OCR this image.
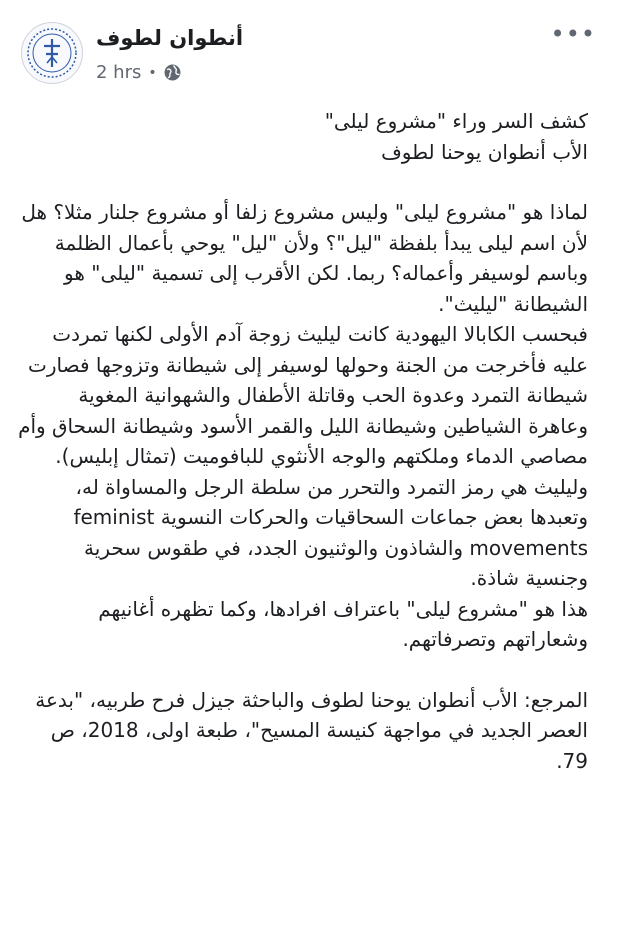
أنطوان لطوف
2 hrs •
•••

كشف السر وراء "مشروع ليلى"

الأب أنطوان يوحنا لطوف

لماذا هو "مشروع ليلى" وليس مشروع زلفا أو مشروع جلنار مثلا؟ هل لأن اسم ليلى يبدأ بلفظة "ليل"؟ ولأن "ليل" يوحي بأعمال الظلمة وباسم لوسيفر وأعماله؟ ربما. لكن الأقرب إلى تسمية "ليلى" هو الشيطانة "ليليث".

فبحسب الكابالا اليهودية كانت ليليث زوجة آدم الأولى لكنها تمردت عليه فأخرجت من الجنة وحولها لوسيفر إلى شيطانة وتزوجها فصارت شيطانة التمرد وعدوة الحب وقاتلة الأطفال والشهوانية المغوية وعاهرة الشياطين وشيطانة الليل والقمر الأسود وشيطانة السحاق وأم مصاصي الدماء وملكتهم والوجه الأنثوي للبافوميت (تمثال إبليس).

وليليث هي رمز التمرد والتحرر من سلطة الرجل والمساواة له، وتعبدها بعض جماعات السحاقيات والحركات النسوية feminist movements والشاذون والوثنيون الجدد، في طقوس سحرية وجنسية شاذة.

هذا هو "مشروع ليلى" باعتراف افرادها، وكما تظهره أغانيهم وشعاراتهم وتصرفاتهم.

المرجع: الأب أنطوان يوحنا لطوف والباحثة جيزل فرح طربيه، "بدعة العصر الجديد في مواجهة كنيسة المسيح"، طبعة اولى، 2018، ص 79.
